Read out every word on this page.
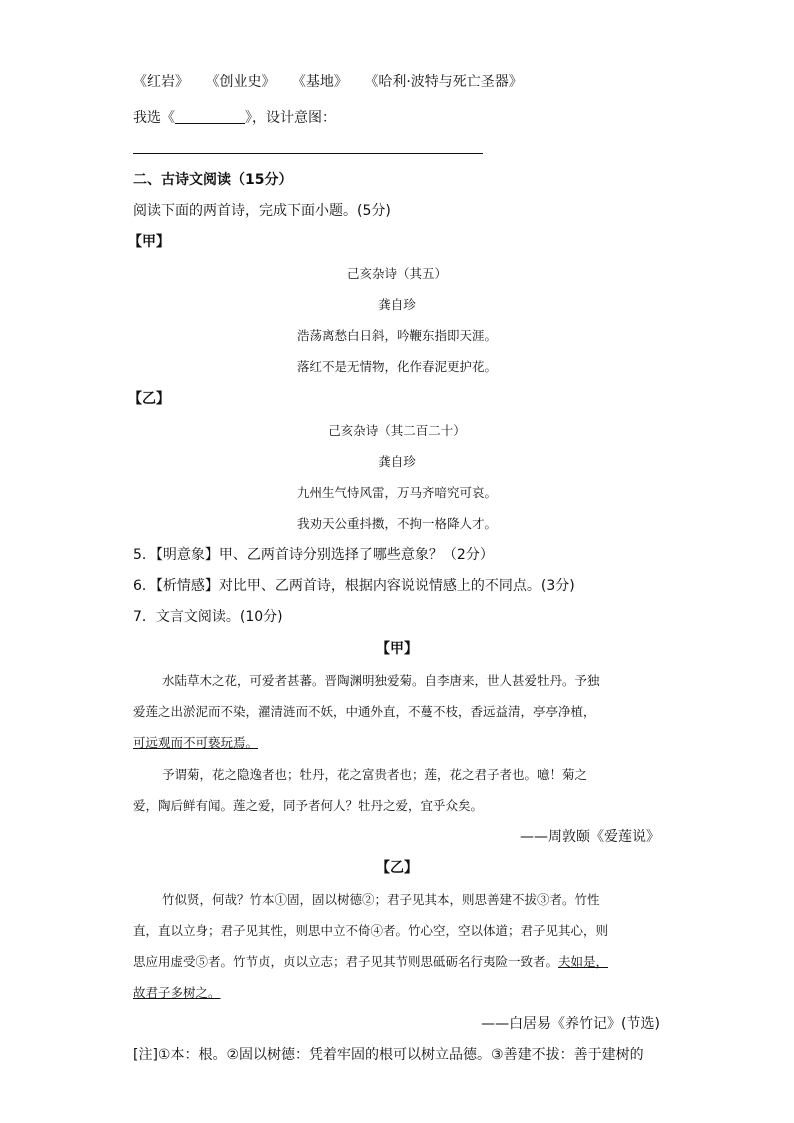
《红岩》 《创业史》 《基地》 《哈利·波特与死亡圣器》
我选《	》，设计意图：
二、古诗文阅读（15分）
阅读下面的两首诗，完成下面小题。(5分)
【甲】
己亥杂诗（其五）
龚自珍
浩荡离愁白日斜，吟鞭东指即天涯。
落红不是无情物，化作春泥更护花。
【乙】
己亥杂诗（其二百二十）
龚自珍
九州生气恃风雷，万马齐喑究可哀。
我劝天公重抖擞，不拘一格降人才。
5．【明意象】甲、乙两首诗分别选择了哪些意象？（2分）
6．【析情感】对比甲、乙两首诗，根据内容说说情感上的不同点。(3分)
7．文言文阅读。(10分)
【甲】
水陆草木之花，可爱者甚蕃。晋陶渊明独爱菊。自李唐来，世人甚爱牡丹。予独
爱莲之出淤泥而不染，濯清涟而不妖，中通外直，不蔓不枝，香远益清，亭亭净植，
可远观而不可亵玩焉。
予谓菊，花之隐逸者也；牡丹，花之富贵者也；莲，花之君子者也。噫！菊之
爱，陶后鲜有闻。莲之爱，同予者何人？牡丹之爱，宜乎众矣。
——周敦颐《爱莲说》
【乙】
竹似贤，何哉？竹本①固，固以树德②；君子见其本，则思善建不拔③者。竹性
直，直以立身；君子见其性，则思中立不倚④者。竹心空，空以体道；君子见其心，则
思应用虚受⑤者。竹节贞，贞以立志；君子见其节则思砥砺名行夷险一致者。夫如是，
故君子多树之。
——白居易《养竹记》(节选)
[注]①本：根。②固以树德：凭着牢固的根可以树立品德。③善建不拔：善于建树的
